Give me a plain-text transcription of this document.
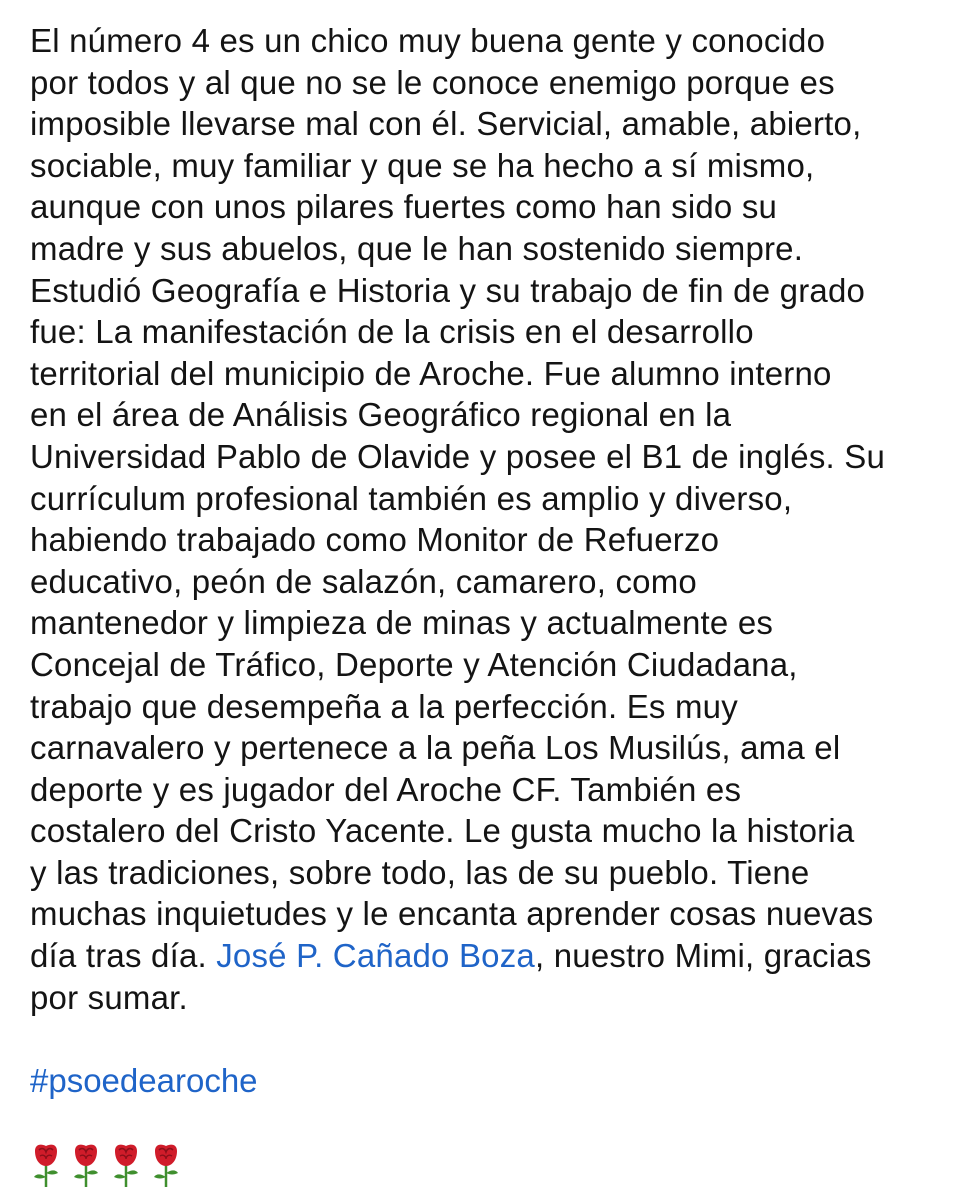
El número 4 es un chico muy buena gente y conocido
por todos y al que no se le conoce enemigo porque es
imposible llevarse mal con él. Servicial, amable, abierto,
sociable, muy familiar y que se ha hecho a sí mismo,
aunque con unos pilares fuertes como han sido su
madre y sus abuelos, que le han sostenido siempre.
Estudió Geografía e Historia y su trabajo de fin de grado
fue: La manifestación de la crisis en el desarrollo
territorial del municipio de Aroche. Fue alumno interno
en el área de Análisis Geográfico regional en la
Universidad Pablo de Olavide y posee el B1 de inglés. Su
currículum profesional también es amplio y diverso,
habiendo trabajado como Monitor de Refuerzo
educativo, peón de salazón, camarero, como
mantenedor y limpieza de minas y actualmente es
Concejal de Tráfico, Deporte y Atención Ciudadana,
trabajo que desempeña a la perfección. Es muy
carnavalero y pertenece a la peña Los Musilús, ama el
deporte y es jugador del Aroche CF. También es
costalero del Cristo Yacente. Le gusta mucho la historia
y las tradiciones, sobre todo, las de su pueblo. Tiene
muchas inquietudes y le encanta aprender cosas nuevas
día tras día. José P. Cañado Boza, nuestro Mimi, gracias
por sumar.

#psoedearoche
